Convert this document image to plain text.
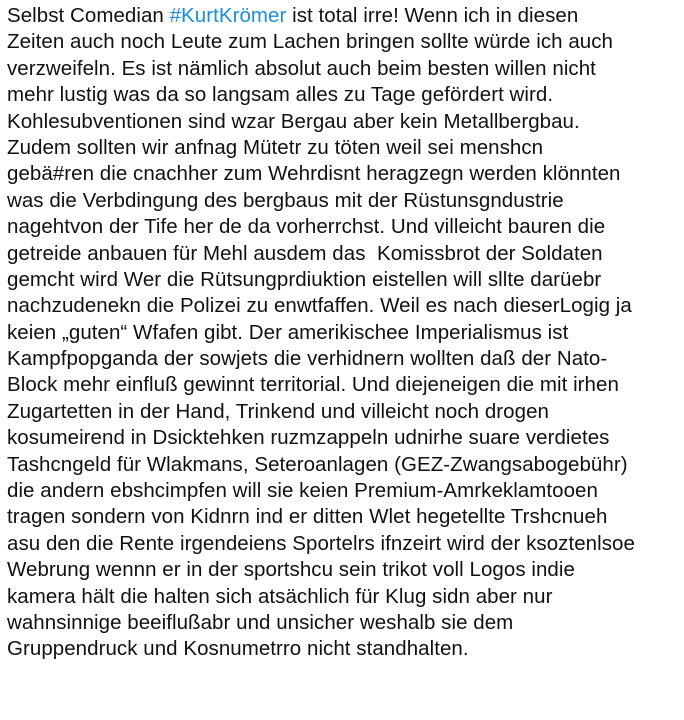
Selbst Comedian #KurtKrömer ist total irre! Wenn ich in diesen
Zeiten auch noch Leute zum Lachen bringen sollte würde ich auch
verzweifeln. Es ist nämlich absolut auch beim besten willen nicht
mehr lustig was da so langsam alles zu Tage gefördert wird.
Kohlesubventionen sind wzar Bergau aber kein Metallbergbau.
Zudem sollten wir anfnag Mütetr zu töten weil sei menshcn
gebä#ren die cnachher zum Wehrdisnt heragzegn werden klönnten
was die Verbdingung des bergbaus mit der Rüstunsgndustrie
nagehtvon der Tife her de da vorherrchst. Und villeicht bauren die
getreide anbauen für Mehl ausdem das  Komissbrot der Soldaten
gemcht wird Wer die Rütsungprdiuktion eistellen will sllte darüebr
nachzudenekn die Polizei zu enwtfaffen. Weil es nach dieserLogig ja
keien „guten“ Wfafen gibt. Der amerikischee Imperialismus ist
Kampfpopganda der sowjets die verhidnern wollten daß der Nato-
Block mehr einfluß gewinnt territorial. Und diejeneigen die mit irhen
Zugartetten in der Hand, Trinkend und villeicht noch drogen
kosumeirend in Dsicktehken ruzmzappeln udnirhe suare verdietes
Tashcngeld für Wlakmans, Seteroanlagen (GEZ-Zwangsabogebühr)
die andern ebshcimpfen will sie keien Premium-Amrkeklamtooen
tragen sondern von Kidnrn ind er ditten Wlet hegetellte Trshcnueh
asu den die Rente irgendeiens Sportelrs ifnzeirt wird der ksoztenlsoe
Webrung wennn er in der sportshcu sein trikot voll Logos indie
kamera hält die halten sich atsächlich für Klug sidn aber nur
wahnsinnige beeiflußabr und unsicher weshalb sie dem
Gruppendruck und Kosnumetrro nicht standhalten.
